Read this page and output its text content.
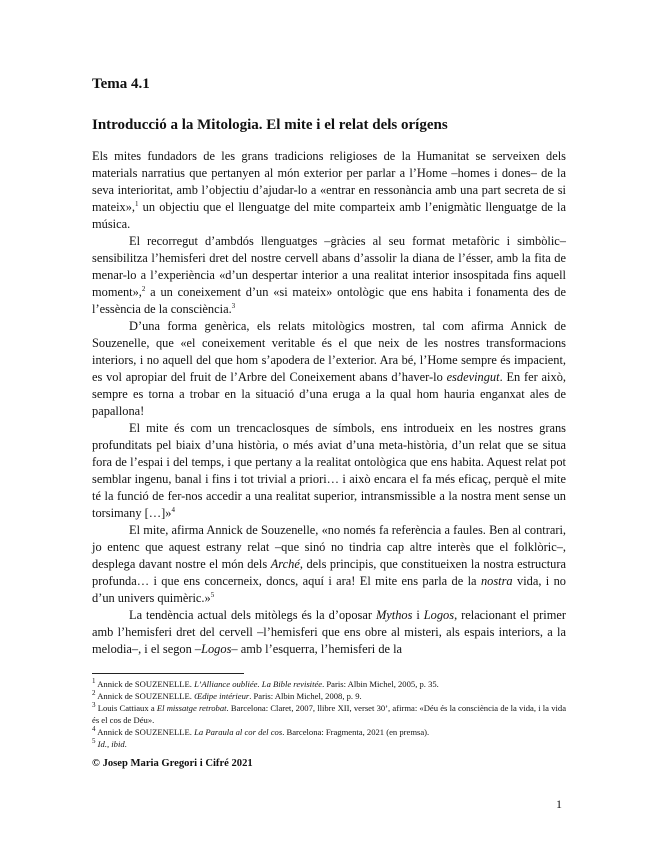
Tema 4.1
Introducció a la Mitologia. El mite i el relat dels orígens

Els mites fundadors de les grans tradicions religioses de la Humanitat se serveixen dels materials narratius que pertanyen al món exterior per parlar a l’Home –homes i dones– de la seva interioritat, amb l’objectiu d’ajudar-lo a «entrar en ressonància amb una part secreta de si mateix»,$^1$ un objectiu que el llenguatge del mite comparteix amb l’enigmàtic llenguatge de la música.

El recorregut d’ambdós llenguatges –gràcies al seu format metafòric i simbòlic– sensibilitza l’hemisferi dret del nostre cervell abans d’assolir la diana de l’ésser, amb la fita de menar-lo a l’experiència «d’un despertar interior a una realitat interior insospitada fins aquell moment»,$^2$ a un coneixement d’un «si mateix» ontològic que ens habita i fonamenta des de l’essència de la consciència.$^3$

D’una forma genèrica, els relats mitològics mostren, tal com afirma Annick de Souzenelle, que «el coneixement veritable és el que neix de les nostres transformacions interiors, i no aquell del que hom s’apodera de l’exterior. Ara bé, l’Home sempre és impacient, es vol apropiar del fruit de l’Arbre del Coneixement abans d’haver-lo esdevingut. En fer això, sempre es torna a trobar en la situació d’una eruga a la qual hom hauria enganxat ales de papallona!

El mite és com un trencaclosques de símbols, ens introdueix en les nostres grans profunditats pel biaix d’una història, o més aviat d’una meta-història, d’un relat que se situa fora de l’espai i del temps, i que pertany a la realitat ontològica que ens habita. Aquest relat pot semblar ingenu, banal i fins i tot trivial a priori… i això encara el fa més eficaç, perquè el mite té la funció de fer-nos accedir a una realitat superior, intransmissible a la nostra ment sense un torsimany […]»$^4$

El mite, afirma Annick de Souzenelle, «no només fa referència a faules. Ben al contrari, jo entenc que aquest estrany relat –que sinó no tindria cap altre interès que el folklòric–, desplega davant nostre el món dels Arché, dels principis, que constitueixen la nostra estructura profunda… i que ens concerneix, doncs, aquí i ara! El mite ens parla de la nostra vida, i no d’un univers quimèric.»$^5$

La tendència actual dels mitòlegs és la d’oposar Mythos i Logos, relacionant el primer amb l’hemisferi dret del cervell –l’hemisferi que ens obre al misteri, als espais interiors, a la melodia–, i el segon –Logos– amb l’esquerra, l’hemisferi de la

$^1$ Annick de SOUZENELLE. L’Alliance oubliée. La Bible revisitée. Paris: Albin Michel, 2005, p. 35.
$^2$ Annick de SOUZENELLE. Œdipe intérieur. Paris: Albin Michel, 2008, p. 9.
$^3$ Louis Cattiaux a El missatge retrobat. Barcelona: Claret, 2007, llibre XII, verset 30’, afirma: «Déu és la consciència de la vida, i la vida és el cos de Déu».
$^4$ Annick de SOUZENELLE. La Paraula al cor del cos. Barcelona: Fragmenta, 2021 (en premsa).
$^5$ Id., ibid.
© Josep Maria Gregori i Cifré 2021
1
